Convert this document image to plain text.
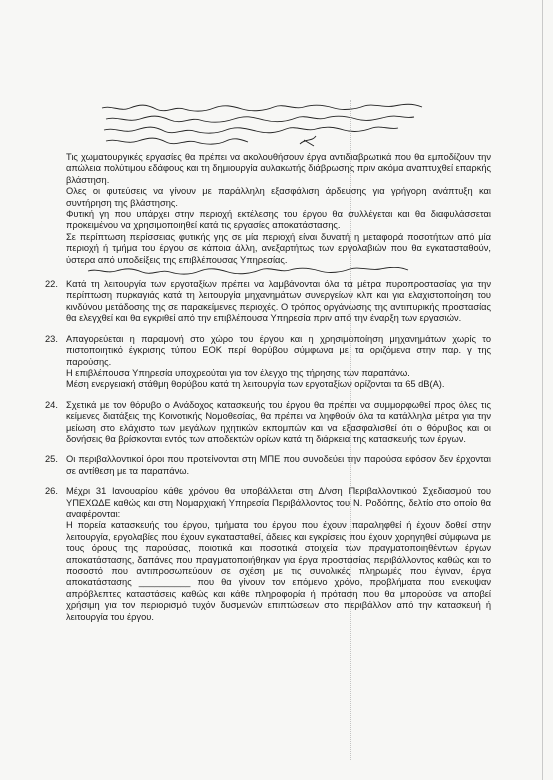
Τις χωματουργικές εργασίες θα πρέπει να ακολουθήσουν έργα αντιδιαβρωτικά που θα εμποδίζουν την απώλεια πολύτιμου εδάφους και τη δημιουργία αυλακωτής διάβρωσης πριν ακόμα αναπτυχθεί επαρκής βλάστηση.

Ολες οι φυτεύσεις να γίνουν με παράλληλη εξασφάλιση άρδευσης για γρήγορη ανάπτυξη και συντήρηση της βλάστησης.

Φυτική γη που υπάρχει στην περιοχή εκτέλεσης του έργου θα συλλέγεται και θα διαφυλάσσεται προκειμένου να χρησιμοποιηθεί κατά τις εργασίες αποκατάστασης.

Σε περίπτωση περίσσειας φυτικής γης σε μία περιοχή είναι δυνατή η μεταφορά ποσοτήτων από μία περιοχή ή τμήμα του έργου σε κάποια άλλη, ανεξαρτήτως των εργολαβιών που θα εγκατασταθούν, ύστερα από υποδείξεις της επιβλέπουσας Υπηρεσίας.

22. Κατά τη λειτουργία των εργοταξίων πρέπει να λαμβάνονται όλα τα μέτρα πυροπροστασίας για την περίπτωση πυρκαγιάς κατά τη λειτουργία μηχανημάτων συνεργείων κλπ και για ελαχιστοποίηση του κινδύνου μετάδοσης της σε παρακείμενες περιοχές. Ο τρόπος οργάνωσης της αντιπυρικής προστασίας θα ελεγχθεί και θα εγκριθεί από την επιβλέπουσα Υπηρεσία πριν από την έναρξη των εργασιών.

23. Απαγορεύεται η παραμονή στο χώρο του έργου και η χρησιμοποίηση μηχανημάτων χωρίς το πιστοποιητικό έγκρισης τύπου ΕΟΚ περί θορύβου σύμφωνα με τα οριζόμενα στην παρ. γ της παρούσης.

Η επιβλέπουσα Υπηρεσία υποχρεούται για τον έλεγχο της τήρησης των παραπάνω.

Μέση ενεργειακή στάθμη θορύβου κατά τη λειτουργία των εργοταξίων ορίζονται τα 65 dB(A).

24. Σχετικά με τον θόρυβο ο Ανάδοχος κατασκευής του έργου θα πρέπει να συμμορφωθεί προς όλες τις κείμενες διατάξεις της Κοινοτικής Νομοθεσίας, θα πρέπει να ληφθούν όλα τα κατάλληλα μέτρα για την μείωση στο ελάχιστο των μεγάλων ηχητικών εκπομπών και να εξασφαλισθεί ότι ο θόρυβος και οι δονήσεις θα βρίσκονται εντός των αποδεκτών ορίων κατά τη διάρκεια της κατασκευής των έργων.

25. Οι περιβαλλοντικοί όροι που προτείνονται στη ΜΠΕ που συνοδεύει την παρούσα εφόσον δεν έρχονται σε αντίθεση με τα παραπάνω.

26. Μέχρι 31 Ιανουαρίου κάθε χρόνου θα υποβάλλεται στη Δ/νση Περιβαλλοντικού Σχεδιασμού του ΥΠΕΧΩΔΕ καθώς και στη Νομαρχιακή Υπηρεσία Περιβάλλοντος του Ν. Ροδόπης, δελτίο στο οποίο θα αναφέρονται:

Η πορεία κατασκευής του έργου, τμήματα του έργου που έχουν παραληφθεί ή έχουν δοθεί στην λειτουργία, εργολαβίες που έχουν εγκατασταθεί, άδειες και εγκρίσεις που έχουν χορηγηθεί σύμφωνα με τους όρους της παρούσας, ποιοτικά και ποσοτικά στοιχεία των πραγματοποιηθέντων έργων αποκατάστασης, δαπάνες που πραγματοποιήθηκαν για έργα προστασίας περιβάλλοντος καθώς και το ποσοστό που αντιπροσωπεύουν σε σχέση με τις συνολικές πληρωμές που έγιναν, έργα αποκατάστασης __________ που θα γίνουν τον επόμενο χρόνο, προβλήματα που ενεκυψαν απρόβλεπτες καταστάσεις καθώς και κάθε πληροφορία ή πρόταση που θα μπορούσε να αποβεί χρήσιμη για τον περιορισμό τυχόν δυσμενών επιπτώσεων στο περιβάλλον από την κατασκευή ή λειτουργία του έργου.
